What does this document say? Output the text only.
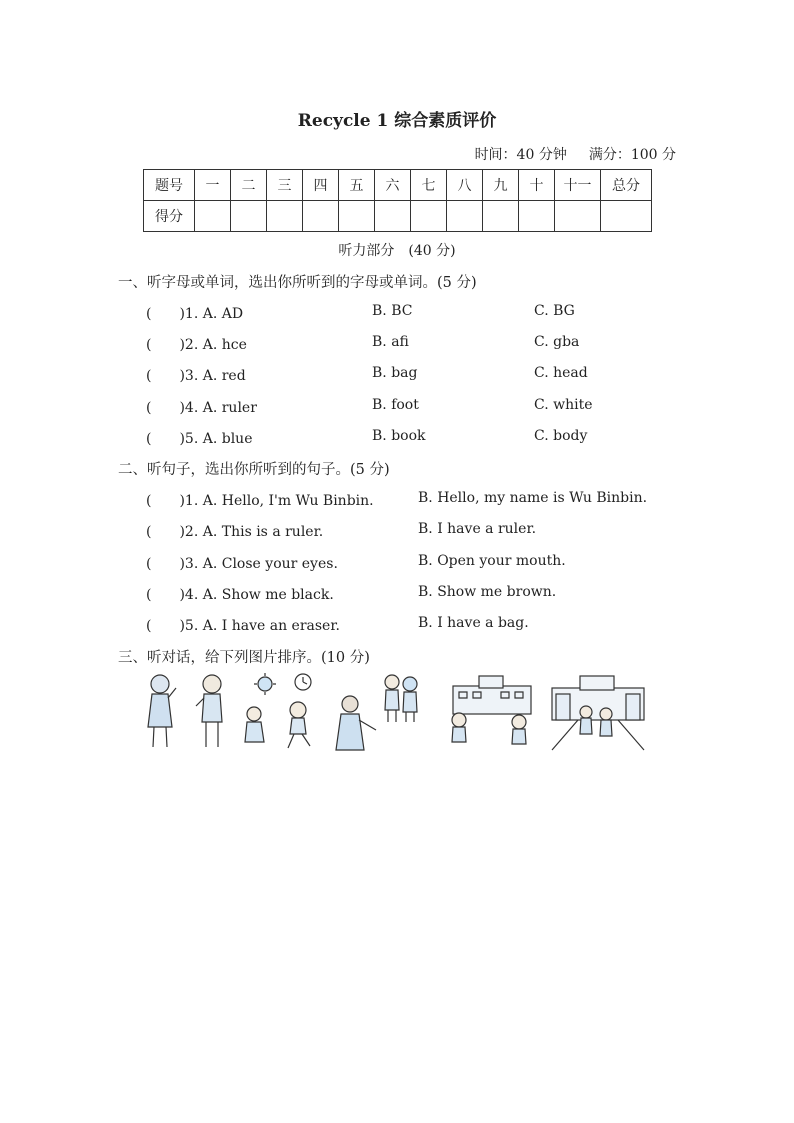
Recycle 1 综合素质评价
时间：40 分钟 满分：100 分
题号	一	二	三	四	五	六	七	八	九	十	十一	总分
得分												
听力部分　(40 分)
一、听字母或单词，选出你所听到的字母或单词。(5 分)
(　　)1. A. AD	B. BC	C. BG
(　　)2. A. hce	B. afi	C. gba
(　　)3. A. red	B. bag	C. head
(　　)4. A. ruler	B. foot	C. white
(　　)5. A. blue	B. book	C. body
二、听句子，选出你所听到的句子。(5 分)
(　　)1. A. Hello, I'm Wu Binbin.	B. Hello, my name is Wu Binbin.
(　　)2. A. This is a ruler.	B. I have a ruler.
(　　)3. A. Close your eyes.	B. Open your mouth.
(　　)4. A. Show me black.	B. Show me brown.
(　　)5. A. I have an eraser.	B. I have a bag.
三、听对话，给下列图片排序。(10 分)
